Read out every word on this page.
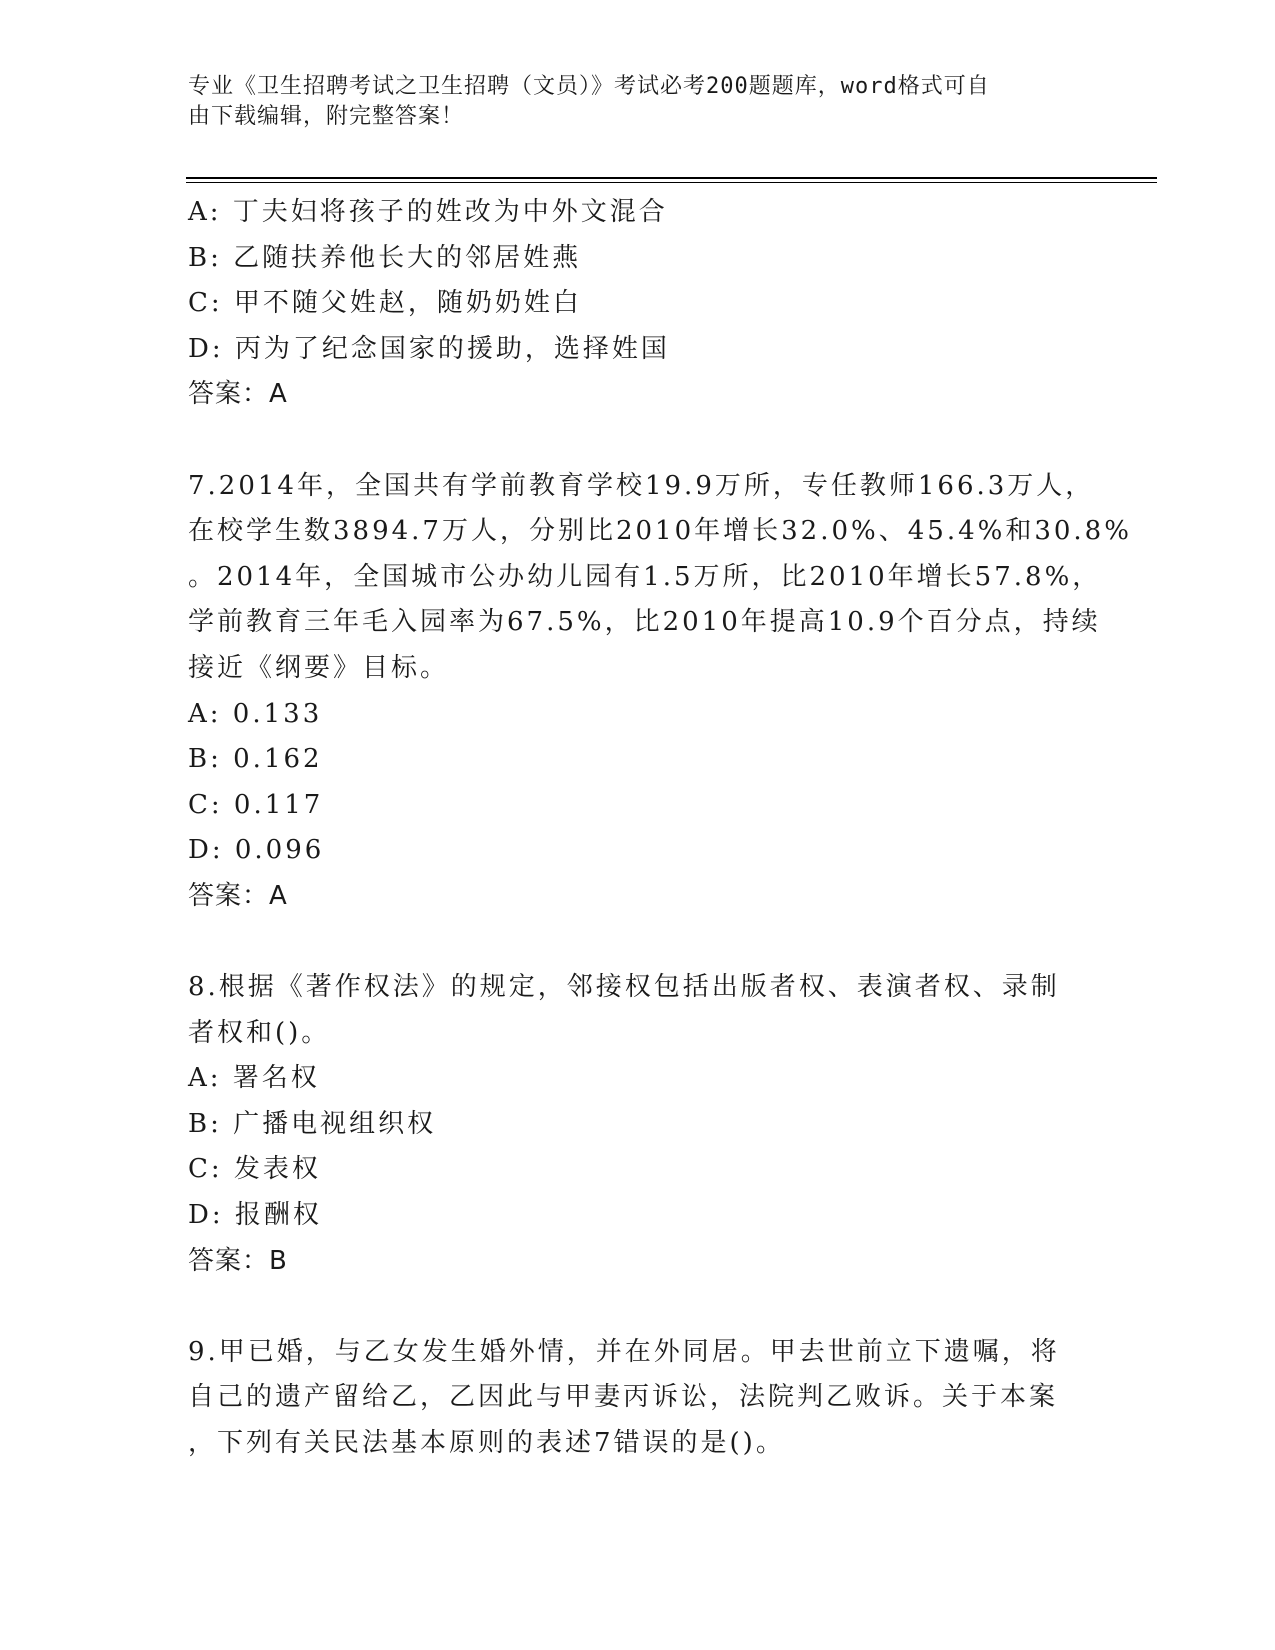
专业《卫生招聘考试之卫生招聘（文员）》考试必考200题题库，word格式可自
由下载编辑，附完整答案！
A: 丁夫妇将孩子的姓改为中外文混合
B: 乙随扶养他长大的邻居姓燕
C: 甲不随父姓赵，随奶奶姓白
D: 丙为了纪念国家的援助，选择姓国
答案：A
7.2014年，全国共有学前教育学校19.9万所，专任教师166.3万人，
在校学生数3894.7万人，分别比2010年增长32.0%、45.4%和30.8%
。2014年，全国城市公办幼儿园有1.5万所，比2010年增长57.8%，
学前教育三年毛入园率为67.5%，比2010年提高10.9个百分点，持续
接近《纲要》目标。
A: 0.133
B: 0.162
C: 0.117
D: 0.096
答案：A
8.根据《著作权法》的规定，邻接权包括出版者权、表演者权、录制
者权和()。
A: 署名权
B: 广播电视组织权
C: 发表权
D: 报酬权
答案：B
9.甲已婚，与乙女发生婚外情，并在外同居。甲去世前立下遗嘱，将
自己的遗产留给乙，乙因此与甲妻丙诉讼，法院判乙败诉。关于本案
，下列有关民法基本原则的表述7错误的是()。
